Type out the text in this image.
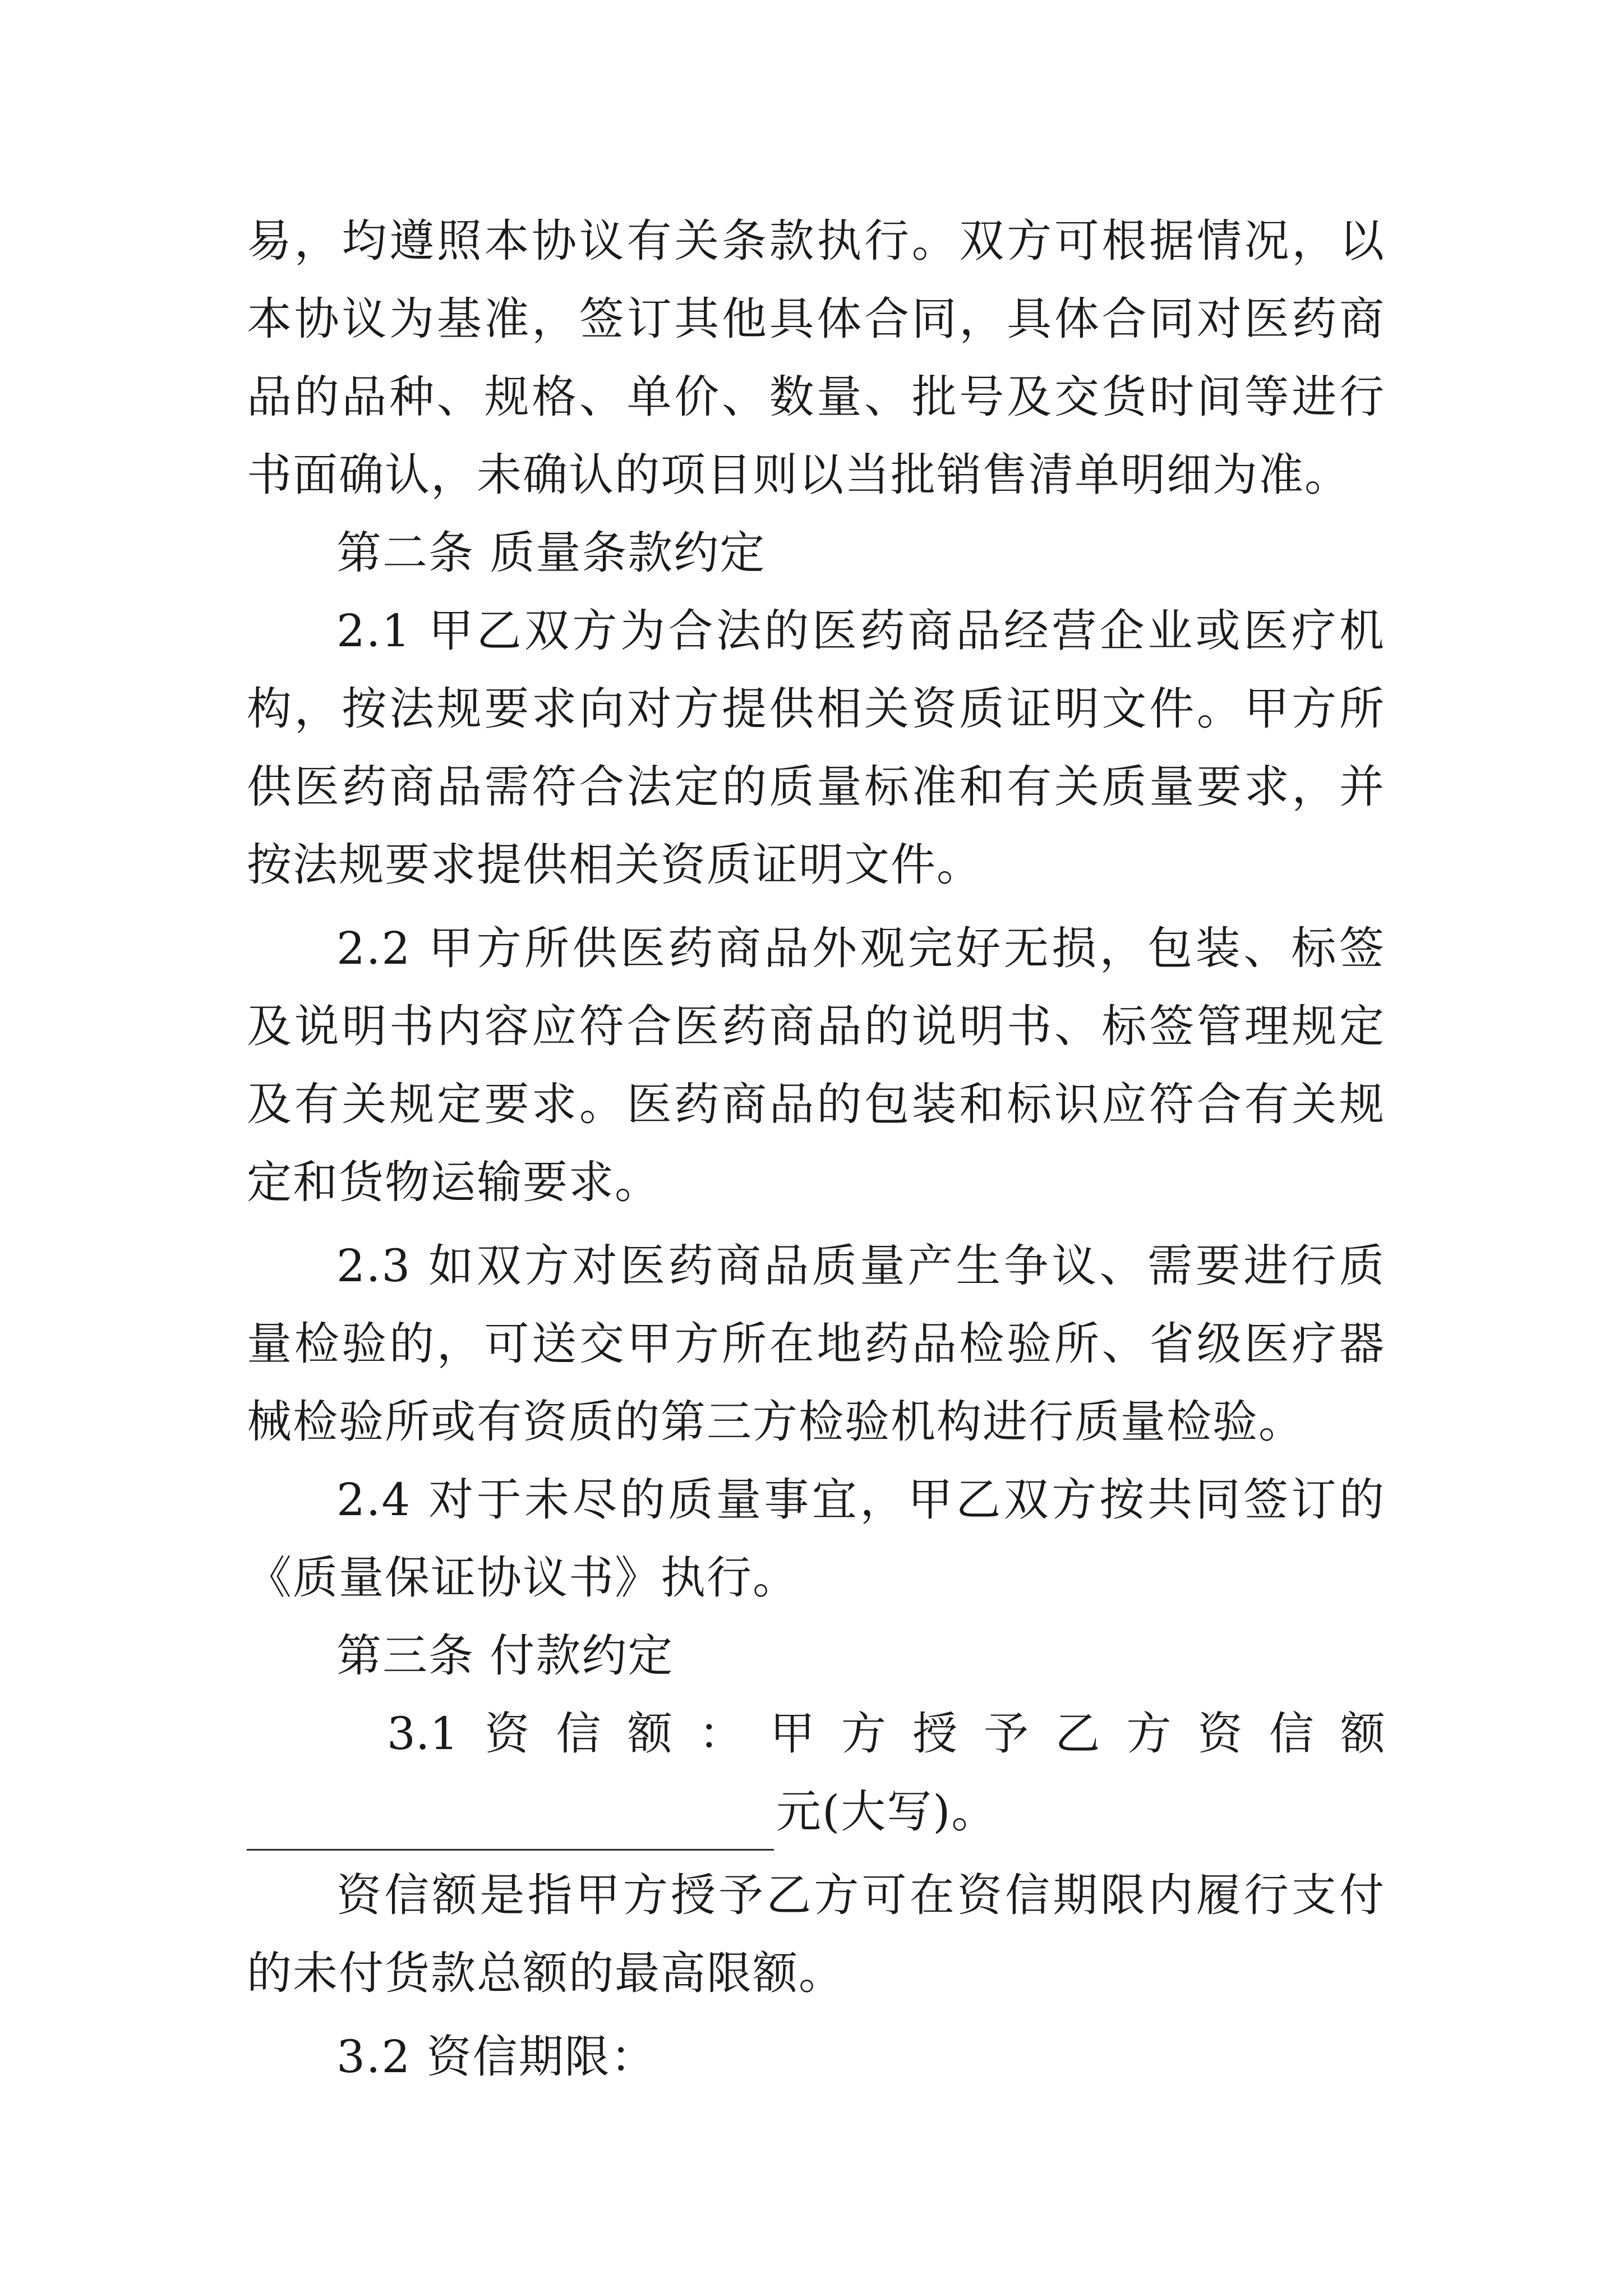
易，均遵照本协议有关条款执行。双方可根据情况，以本协议为基准，签订其他具体合同，具体合同对医药商品的品种、规格、单价、数量、批号及交货时间等进行书面确认，未确认的项目则以当批销售清单明细为准。

第二条 质量条款约定

2.1 甲乙双方为合法的医药商品经营企业或医疗机构，按法规要求向对方提供相关资质证明文件。甲方所供医药商品需符合法定的质量标准和有关质量要求，并按法规要求提供相关资质证明文件。

2.2 甲方所供医药商品外观完好无损，包装、标签及说明书内容应符合医药商品的说明书、标签管理规定及有关规定要求。医药商品的包装和标识应符合有关规定和货物运输要求。

2.3 如双方对医药商品质量产生争议、需要进行质量检验的，可送交甲方所在地药品检验所、省级医疗器械检验所或有资质的第三方检验机构进行质量检验。

2.4 对于未尽的质量事宜，甲乙双方按共同签订的《质量保证协议书》执行。

第三条 付款约定

3.1 资 信 额 ： 甲 方 授 予 乙 方 资 信 额

元(大写)。

资信额是指甲方授予乙方可在资信期限内履行支付的未付货款总额的最高限额。

3.2 资信期限：
